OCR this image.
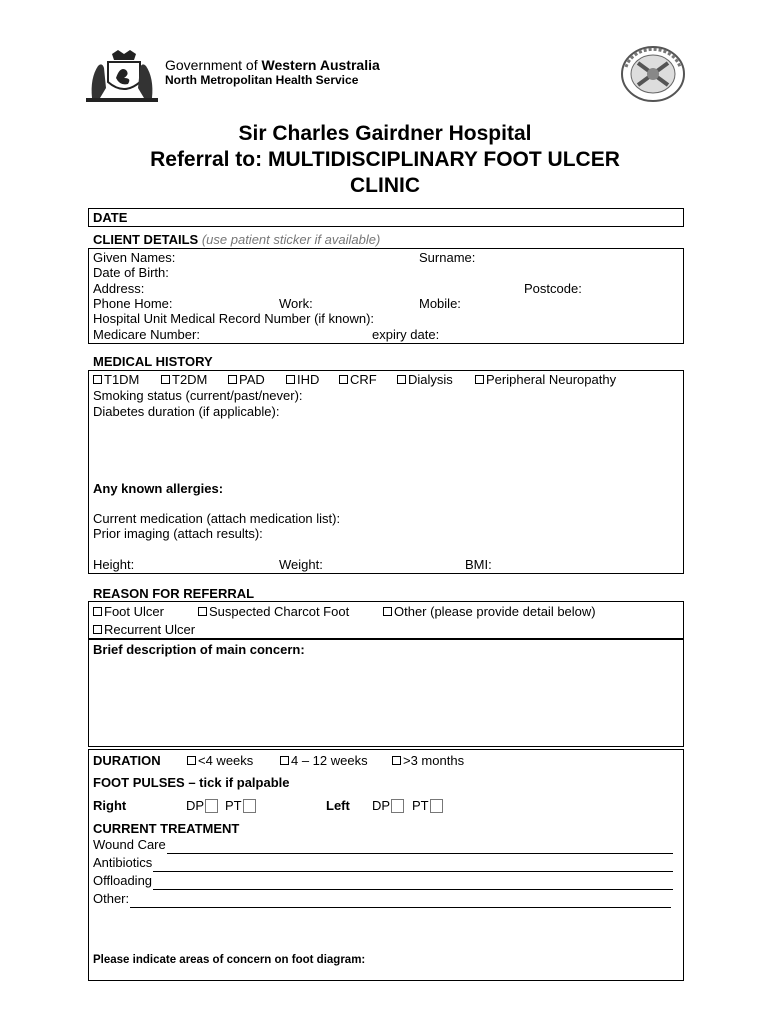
Government of Western Australia
North Metropolitan Health Service
Sir Charles Gairdner Hospital
Referral to: MULTIDISCIPLINARY FOOT ULCER
CLINIC
DATE
CLIENT DETAILS (use patient sticker if available)
Given Names:	Surname:
Date of Birth:
Address:	Postcode:
Phone Home:	Work:	Mobile:
Hospital Unit Medical Record Number (if known):
Medicare Number:	expiry date:
MEDICAL HISTORY
T1DM	T2DM	PAD	IHD	CRF	Dialysis	Peripheral Neuropathy
Smoking status (current/past/never):
Diabetes duration (if applicable):
Any known allergies:
Current medication (attach medication list):
Prior imaging (attach results):
Height:	Weight:	BMI:
REASON FOR REFERRAL
Foot Ulcer	Suspected Charcot Foot	Other (please provide detail below)
Recurrent Ulcer
Brief description of main concern:
DURATION	<4 weeks	4 – 12 weeks	>3 months
FOOT PULSES – tick if palpable
Right	DP	PT	Left DP	PT
CURRENT TREATMENT
Wound Care
Antibiotics
Offloading
Other:
Please indicate areas of concern on foot diagram:
